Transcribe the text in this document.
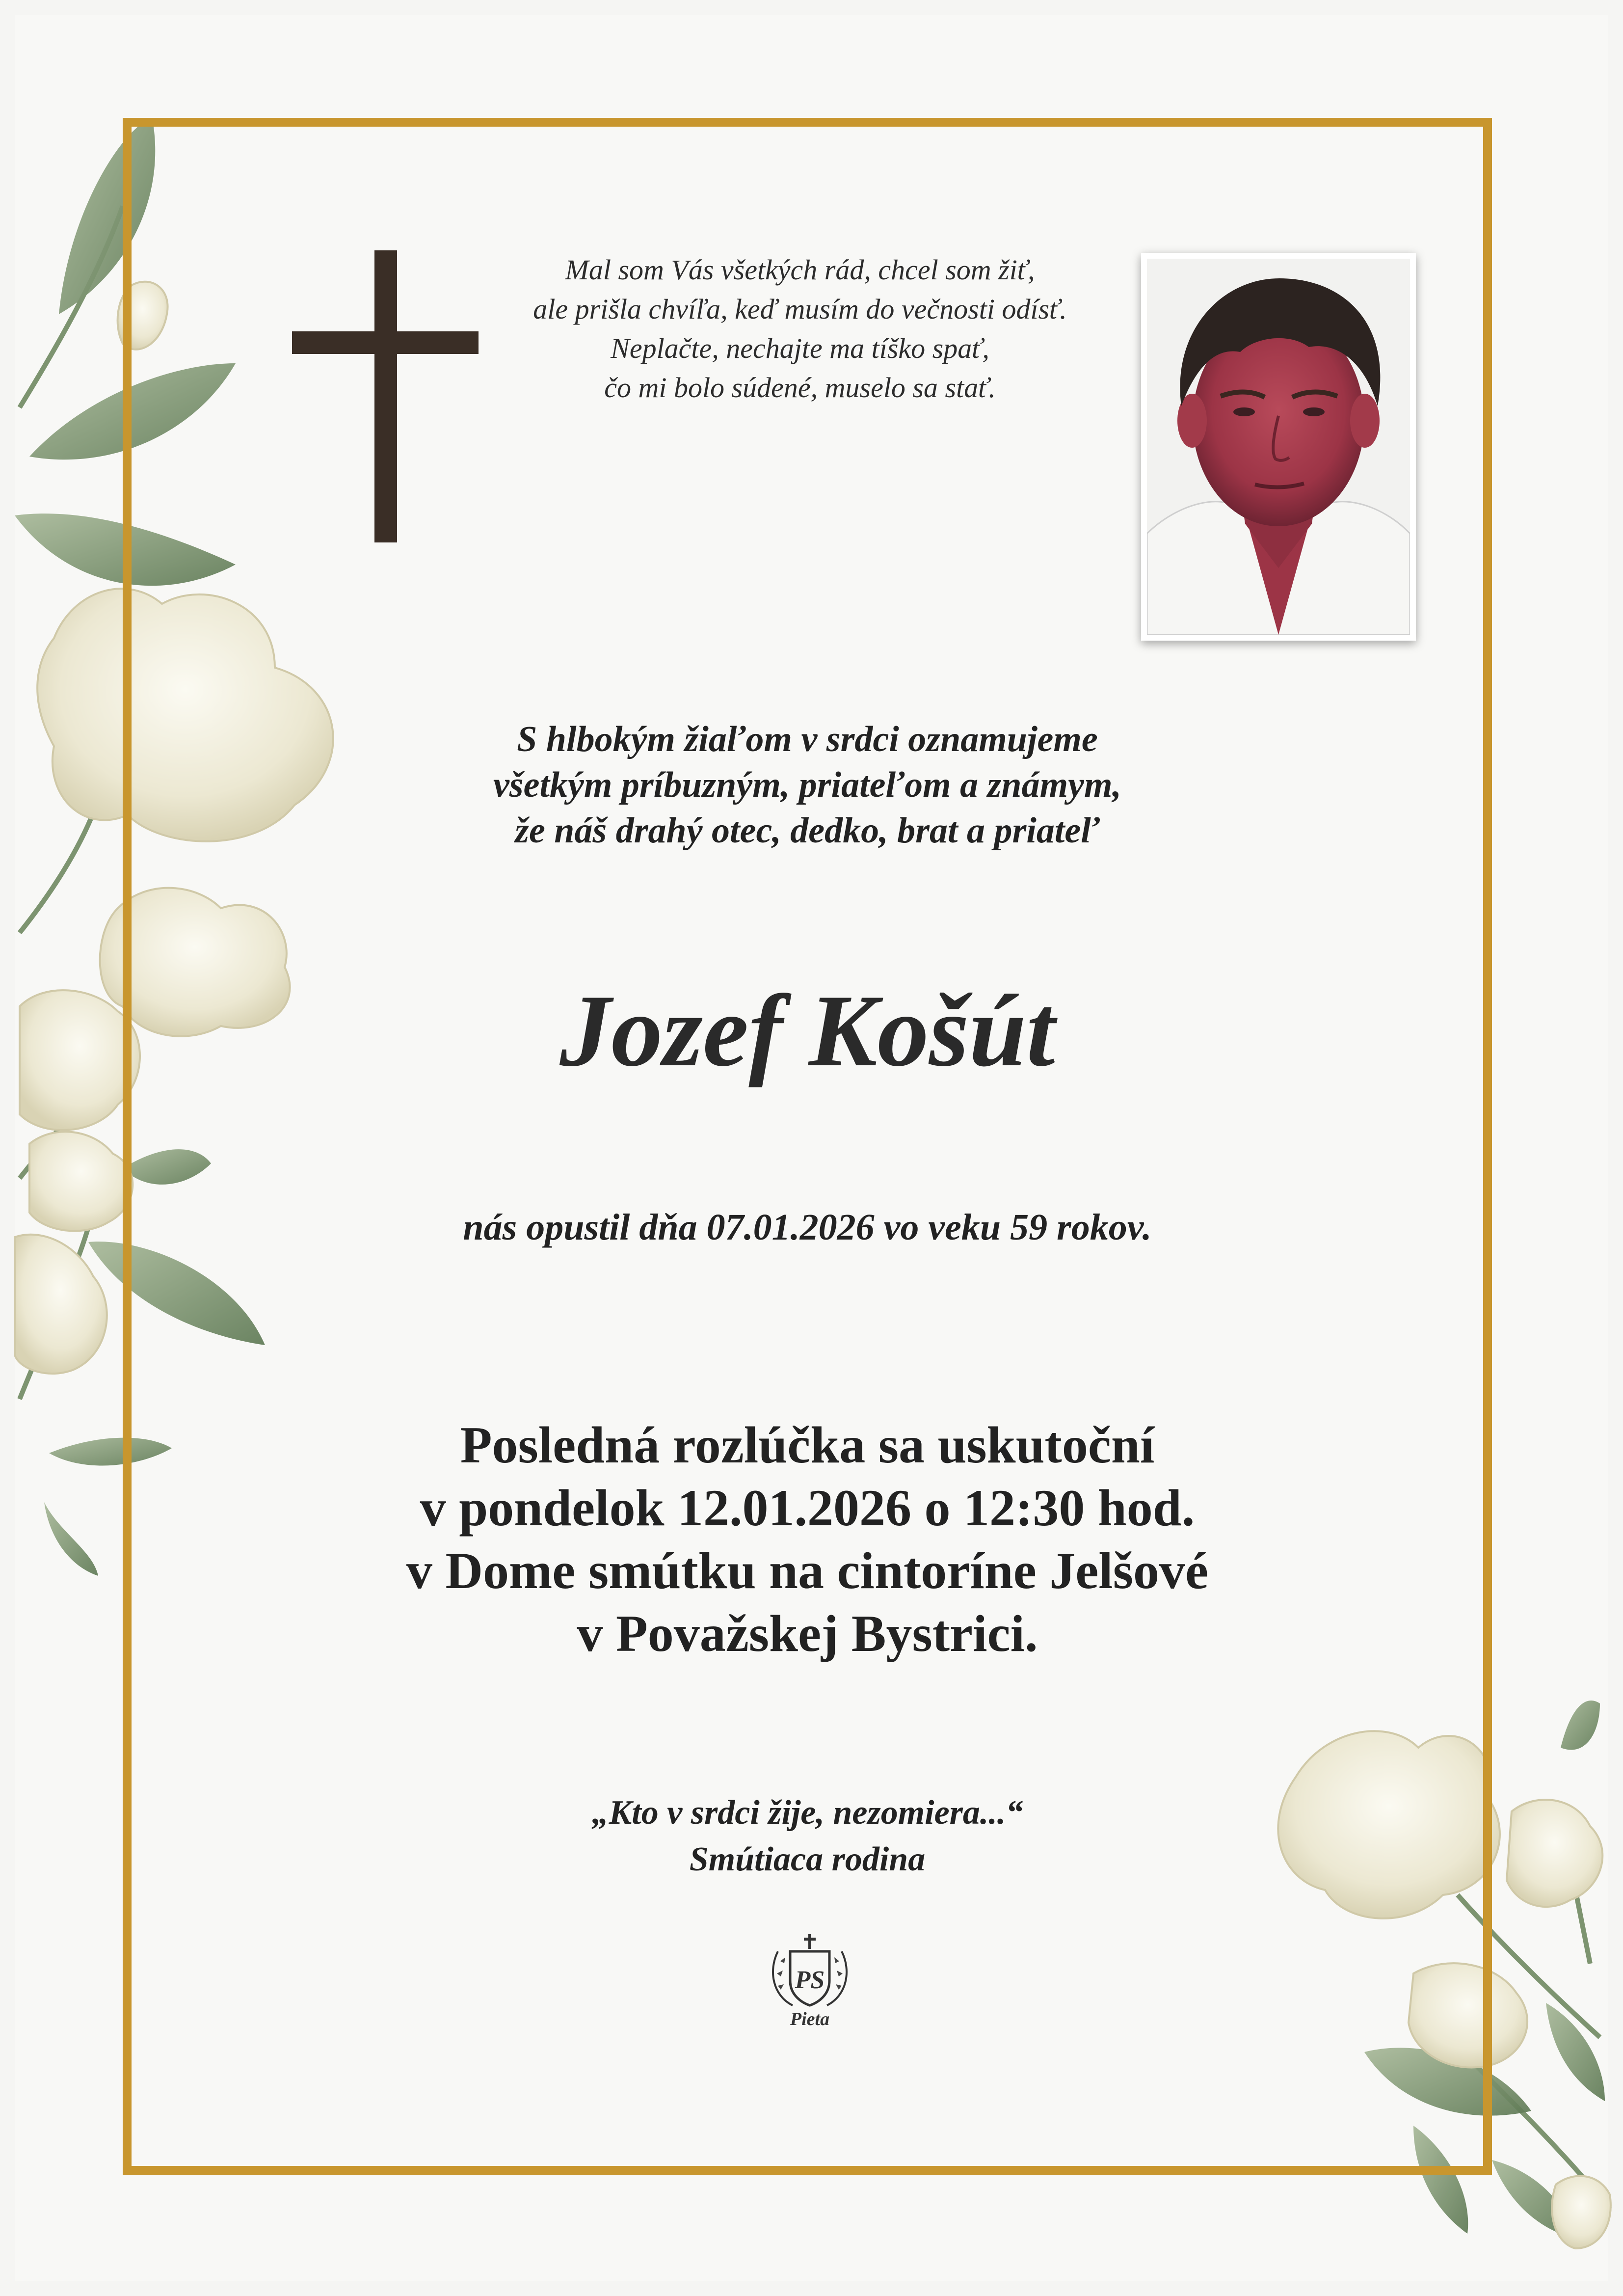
Mal som Vás všetkých rád, chcel som žiť,
ale prišla chvíľa, keď musím do večnosti odísť.
Neplačte, nechajte ma tíško spať,
čo mi bolo súdené, muselo sa stať.
S hlbokým žiaľom v srdci oznamujeme
všetkým príbuzným, priateľom a známym,
že náš drahý otec, dedko, brat a priateľ
Jozef Košút
nás opustil dňa 07.01.2026 vo veku 59 rokov.
Posledná rozlúčka sa uskutoční
v pondelok 12.01.2026 o 12:30 hod.
v Dome smútku na cintoríne Jelšové
v Považskej Bystrici.
„Kto v srdci žije, nezomiera...“
Smútiaca rodina
PS
Pieta
